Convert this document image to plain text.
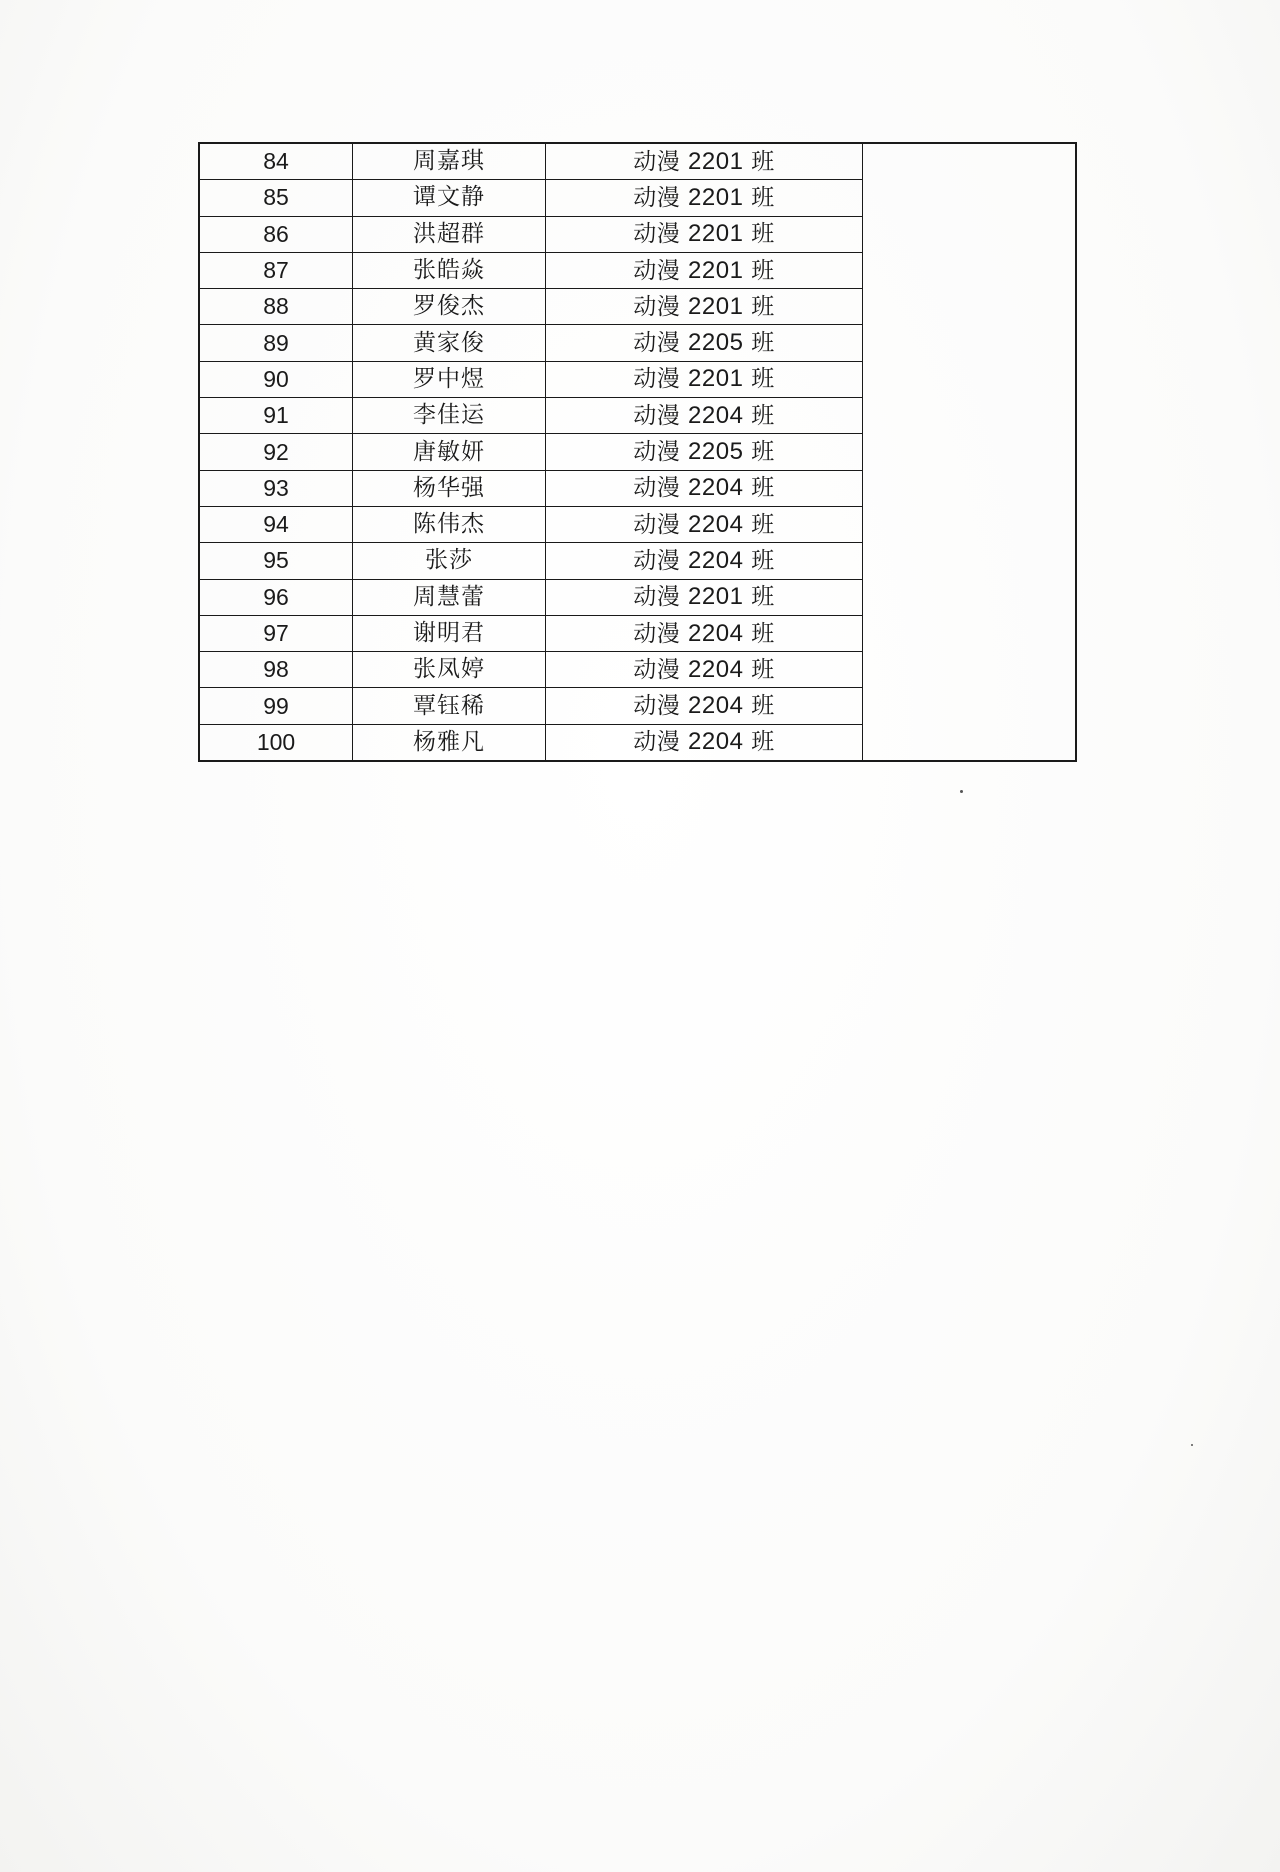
84	周嘉琪	动漫 2201 班	
85	谭文静	动漫 2201 班	
86	洪超群	动漫 2201 班	
87	张皓焱	动漫 2201 班	
88	罗俊杰	动漫 2201 班	
89	黄家俊	动漫 2205 班	
90	罗中煜	动漫 2201 班	
91	李佳运	动漫 2204 班	
92	唐敏妍	动漫 2205 班	
93	杨华强	动漫 2204 班	
94	陈伟杰	动漫 2204 班	
95	张莎	动漫 2204 班	
96	周慧蕾	动漫 2201 班	
97	谢明君	动漫 2204 班	
98	张凤婷	动漫 2204 班	
99	覃钰稀	动漫 2204 班	
100	杨雅凡	动漫 2204 班	
